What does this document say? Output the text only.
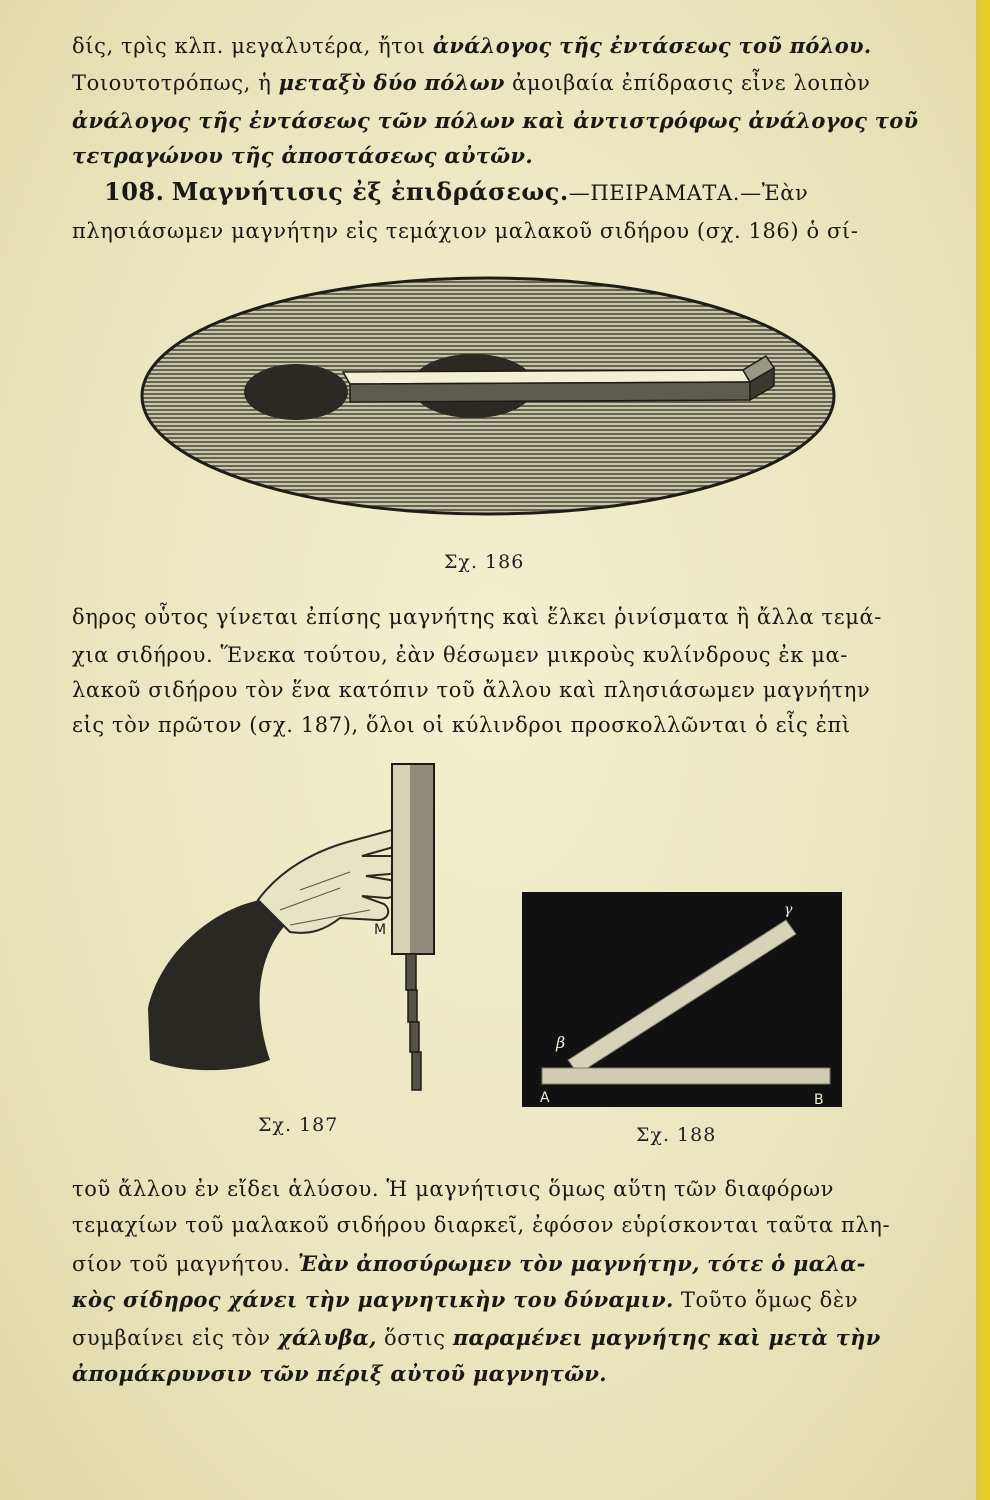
δίς, τρὶς κλπ. μεγαλυτέρα, ἤτοι ἀνάλογος τῆς ἐντάσεως τοῦ πόλου.
Τοιουτοτρόπως, ἡ μεταξὺ δύο πόλων ἀμοιβαία ἐπίδρασις εἶνε λοιπὸν
ἀνάλογος τῆς ἐντάσεως τῶν πόλων καὶ ἀντιστρόφως ἀνάλογος τοῦ
τετραγώνου τῆς ἀποστάσεως αὐτῶν.
108. Μαγνήτισις ἐξ ἐπιδράσεως.—ΠΕΙΡΑΜΑΤΑ.—Ἐὰν
πλησιάσωμεν μαγνήτην εἰς τεμάχιον μαλακοῦ σιδήρου (σχ. 186) ὁ σί-
Σχ. 186
δηρος οὗτος γίνεται ἐπίσης μαγνήτης καὶ ἕλκει ῥινίσματα ἢ ἄλλα τεμά-
χια σιδήρου. Ἕνεκα τούτου, ἐὰν θέσωμεν μικροὺς κυλίνδρους ἐκ μα-
λακοῦ σιδήρου τὸν ἕνα κατόπιν τοῦ ἄλλου καὶ πλησιάσωμεν μαγνήτην
εἰς τὸν πρῶτον (σχ. 187), ὅλοι οἱ κύλινδροι προσκολλῶνται ὁ εἷς ἐπὶ
Μ
Σχ. 187
β
γ
Α	Β
Σχ. 188
τοῦ ἄλλου ἐν εἴδει ἁλύσου. Ἡ μαγνήτισις ὅμως αὕτη τῶν διαφόρων
τεμαχίων τοῦ μαλακοῦ σιδήρου διαρκεῖ, ἐφόσον εὑρίσκονται ταῦτα πλη-
σίον τοῦ μαγνήτου. Ἐὰν ἀποσύρωμεν τὸν μαγνήτην, τότε ὁ μαλα-
κὸς σίδηρος χάνει τὴν μαγνητικὴν του δύναμιν. Τοῦτο ὅμως δὲν
συμβαίνει εἰς τὸν χάλυβα, ὅστις παραμένει μαγνήτης καὶ μετὰ τὴν
ἀπομάκρυνσιν τῶν πέριξ αὐτοῦ μαγνητῶν.
